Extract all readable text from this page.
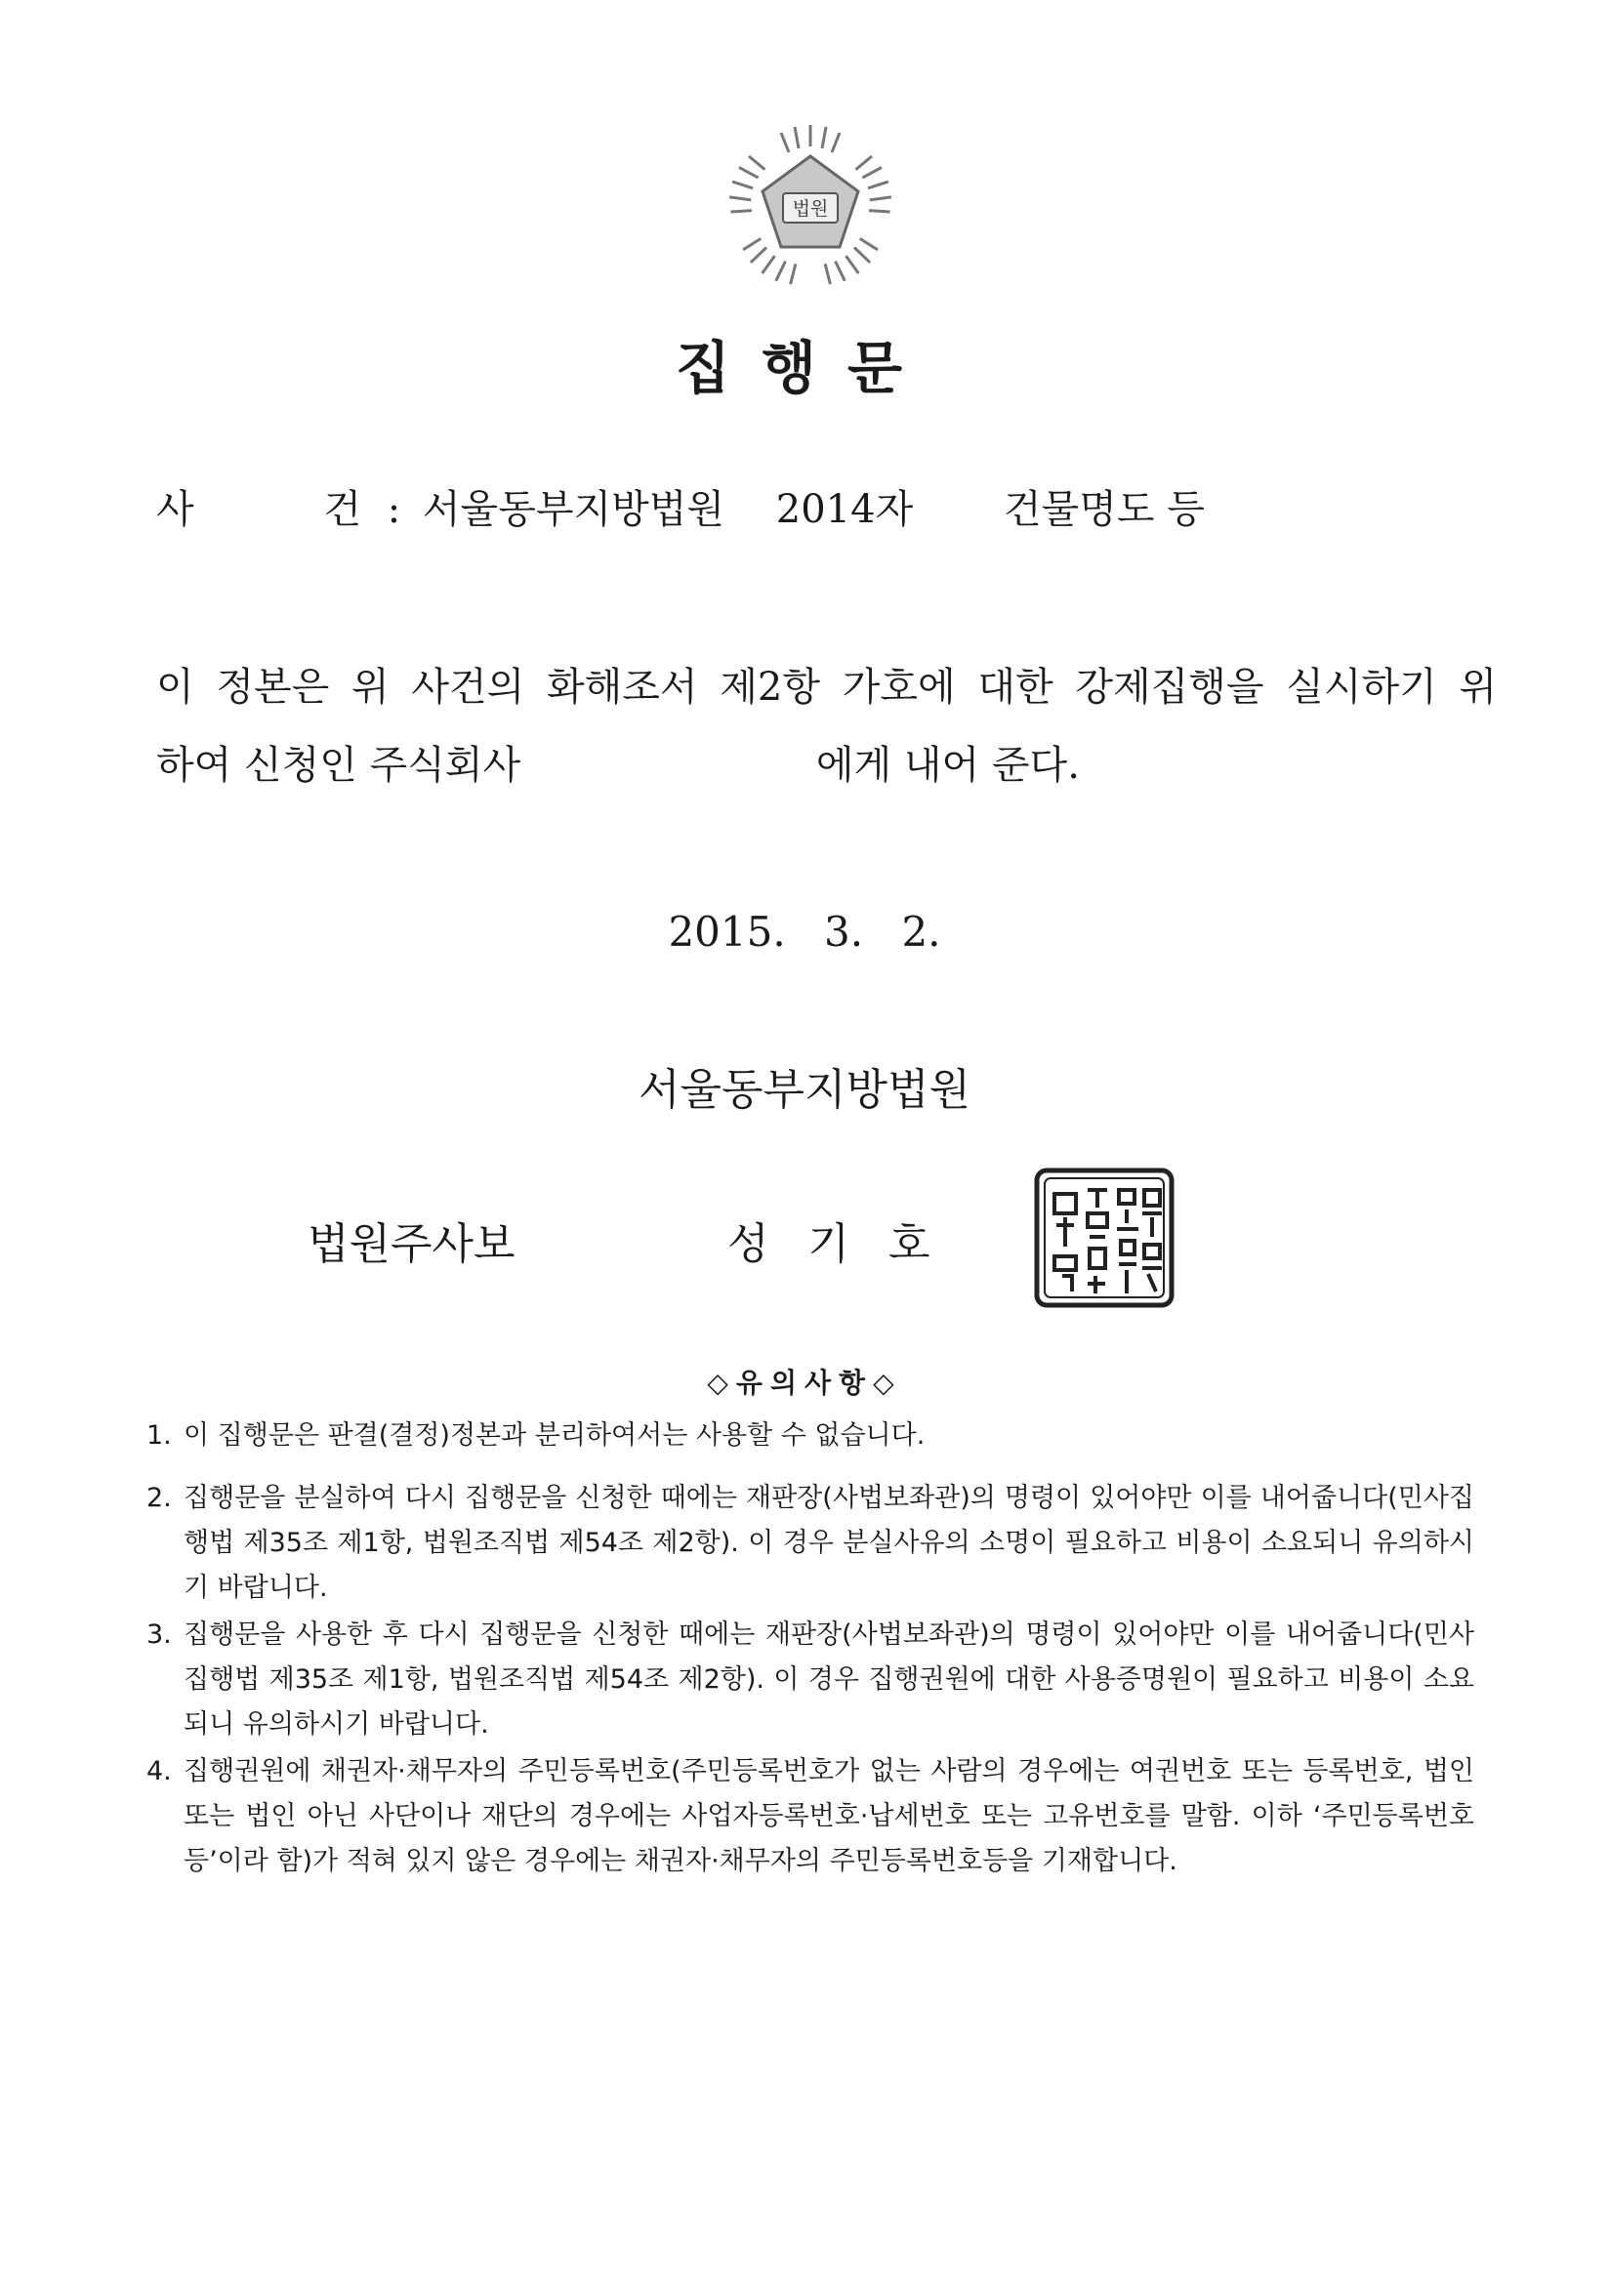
법원
집행문
사	건 : 서울동부지방법원 2014자 건물명도 등
이 정본은 위 사건의 화해조서 제2항 가호에 대한 강제집행을 실시하기 위
하여 신청인 주식회사	에게 내어 준다.
2015. 3. 2.
서울동부지방법원
법원주사보	성기호
◇유의사항◇
1. 이 집행문은 판결(결정)정본과 분리하여서는 사용할 수 없습니다.
2. 집행문을 분실하여 다시 집행문을 신청한 때에는 재판장(사법보좌관)의 명령이 있어야만 이를 내어줍니다(민사집행법 제35조 제1항, 법원조직법 제54조 제2항). 이 경우 분실사유의 소명이 필요하고 비용이 소요되니 유의하시기 바랍니다.
3. 집행문을 사용한 후 다시 집행문을 신청한 때에는 재판장(사법보좌관)의 명령이 있어야만 이를 내어줍니다(민사집행법 제35조 제1항, 법원조직법 제54조 제2항). 이 경우 집행권원에 대한 사용증명원이 필요하고 비용이 소요되니 유의하시기 바랍니다.
4. 집행권원에 채권자·채무자의 주민등록번호(주민등록번호가 없는 사람의 경우에는 여권번호 또는 등록번호, 법인 또는 법인 아닌 사단이나 재단의 경우에는 사업자등록번호·납세번호 또는 고유번호를 말함. 이하 ‘주민등록번호등’이라 함)가 적혀 있지 않은 경우에는 채권자·채무자의 주민등록번호등을 기재합니다.
